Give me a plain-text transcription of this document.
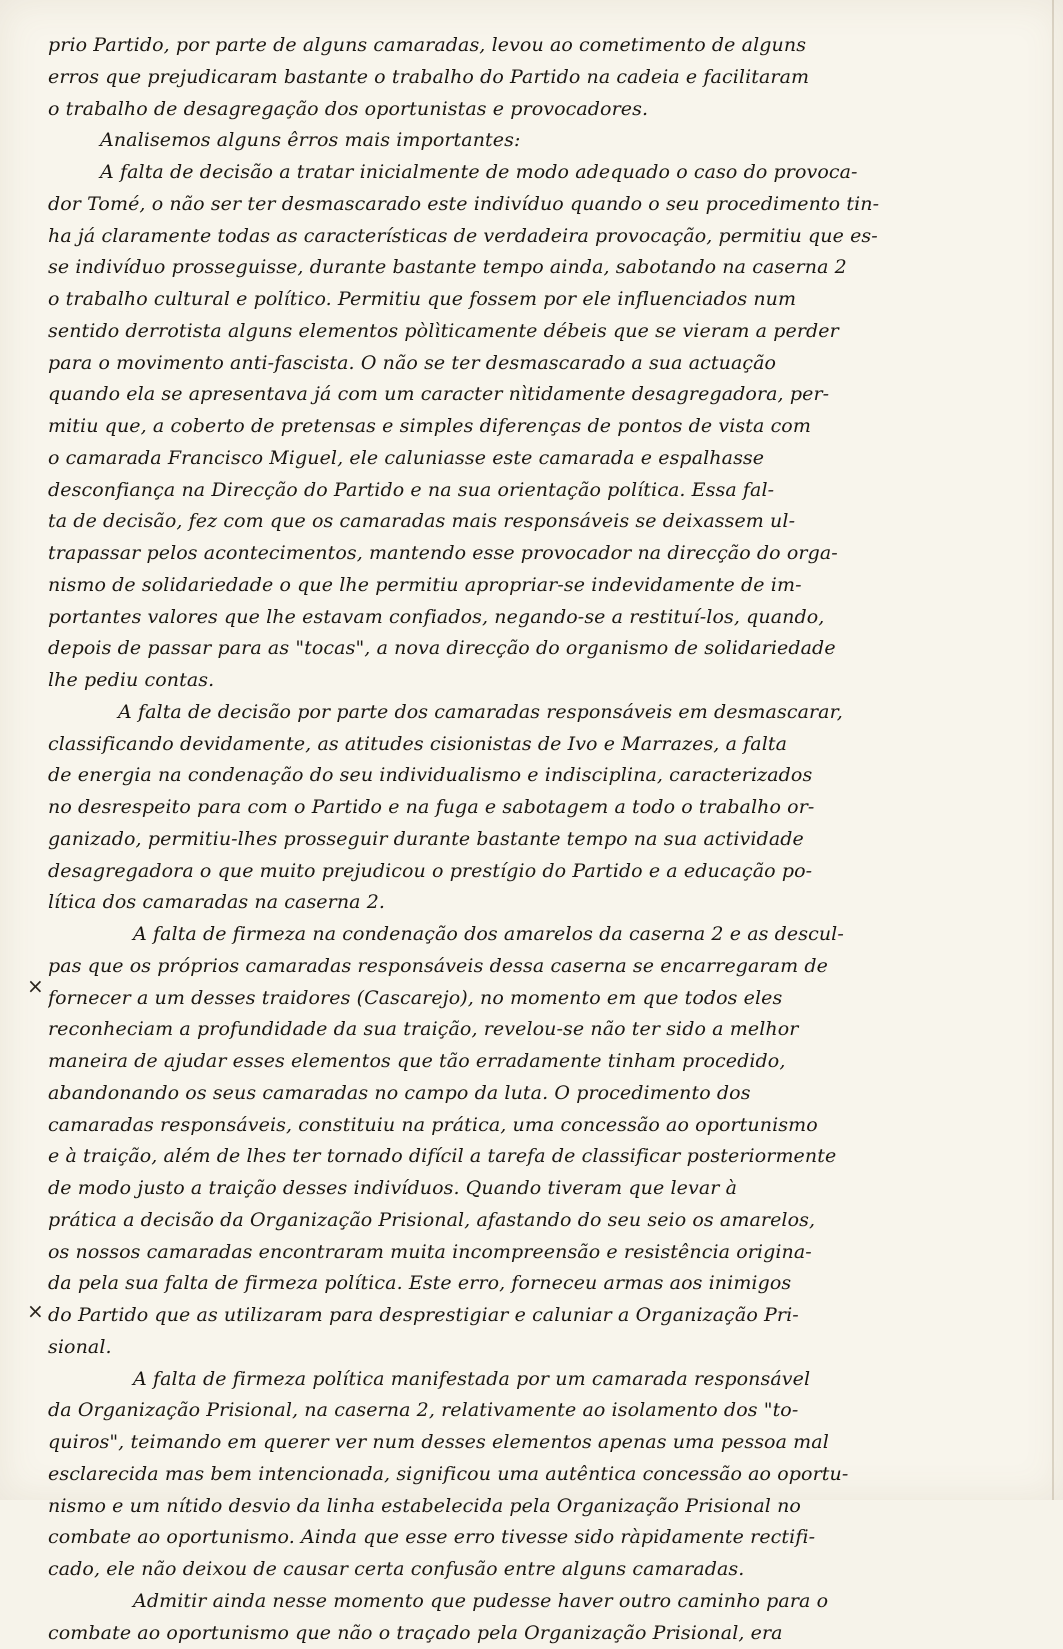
prio Partido, por parte de alguns camaradas, levou ao cometimento de alguns
erros que prejudicaram bastante o trabalho do Partido na cadeia e facilitaram
o trabalho de desagregação dos oportunistas e provocadores.
Analisemos alguns êrros mais importantes:
A falta de decisão a tratar inicialmente de modo adequado o caso do provoca-
dor Tomé, o não ser ter desmascarado este indivíduo quando o seu procedimento tin-
ha já claramente todas as características de verdadeira provocação, permitiu que es-
se indivíduo prosseguisse, durante bastante tempo ainda, sabotando na caserna 2
o trabalho cultural e político. Permitiu que fossem por ele influenciados num
sentido derrotista alguns elementos pòlìticamente débeis que se vieram a perder
para o movimento anti-fascista. O não se ter desmascarado a sua actuação
quando ela se apresentava já com um caracter nìtidamente desagregadora, per-
mitiu que, a coberto de pretensas e simples diferenças de pontos de vista com
o camarada Francisco Miguel, ele caluniasse este camarada e espalhasse
desconfiança na Direcção do Partido e na sua orientação política. Essa fal-
ta de decisão, fez com que os camaradas mais responsáveis se deixassem ul-
trapassar pelos acontecimentos, mantendo esse provocador na direcção do orga-
nismo de solidariedade o que lhe permitiu apropriar-se indevidamente de im-
portantes valores que lhe estavam confiados, negando-se a restituí-los, quando,
depois de passar para as "tocas", a nova direcção do organismo de solidariedade
lhe pediu contas.
A falta de decisão por parte dos camaradas responsáveis em desmascarar,
classificando devidamente, as atitudes cisionistas de Ivo e Marrazes, a falta
de energia na condenação do seu individualismo e indisciplina, caracterizados
no desrespeito para com o Partido e na fuga e sabotagem a todo o trabalho or-
ganizado, permitiu-lhes prosseguir durante bastante tempo na sua actividade
desagregadora o que muito prejudicou o prestígio do Partido e a educação po-
lítica dos camaradas na caserna 2.
A falta de firmeza na condenação dos amarelos da caserna 2 e as descul-
pas que os próprios camaradas responsáveis dessa caserna se encarregaram de
fornecer a um desses traidores (Cascarejo), no momento em que todos eles
reconheciam a profundidade da sua traição, revelou-se não ter sido a melhor
maneira de ajudar esses elementos que tão erradamente tinham procedido,
abandonando os seus camaradas no campo da luta. O procedimento dos
camaradas responsáveis, constituiu na prática, uma concessão ao oportunismo
e à traição, além de lhes ter tornado difícil a tarefa de classificar posteriormente
de modo justo a traição desses indivíduos. Quando tiveram que levar à
prática a decisão da Organização Prisional, afastando do seu seio os amarelos,
os nossos camaradas encontraram muita incompreensão e resistência origina-
da pela sua falta de firmeza política. Este erro, forneceu armas aos inimigos
do Partido que as utilizaram para desprestigiar e caluniar a Organização Pri-
sional.
A falta de firmeza política manifestada por um camarada responsável
da Organização Prisional, na caserna 2, relativamente ao isolamento dos "to-
quiros", teimando em querer ver num desses elementos apenas uma pessoa mal
esclarecida mas bem intencionada, significou uma autêntica concessão ao oportu-
nismo e um nítido desvio da linha estabelecida pela Organização Prisional no
combate ao oportunismo. Ainda que esse erro tivesse sido ràpidamente rectifi-
cado, ele não deixou de causar certa confusão entre alguns camaradas.
Admitir ainda nesse momento que pudesse haver outro caminho para o
combate ao oportunismo que não o traçado pela Organização Prisional, era
×
×
